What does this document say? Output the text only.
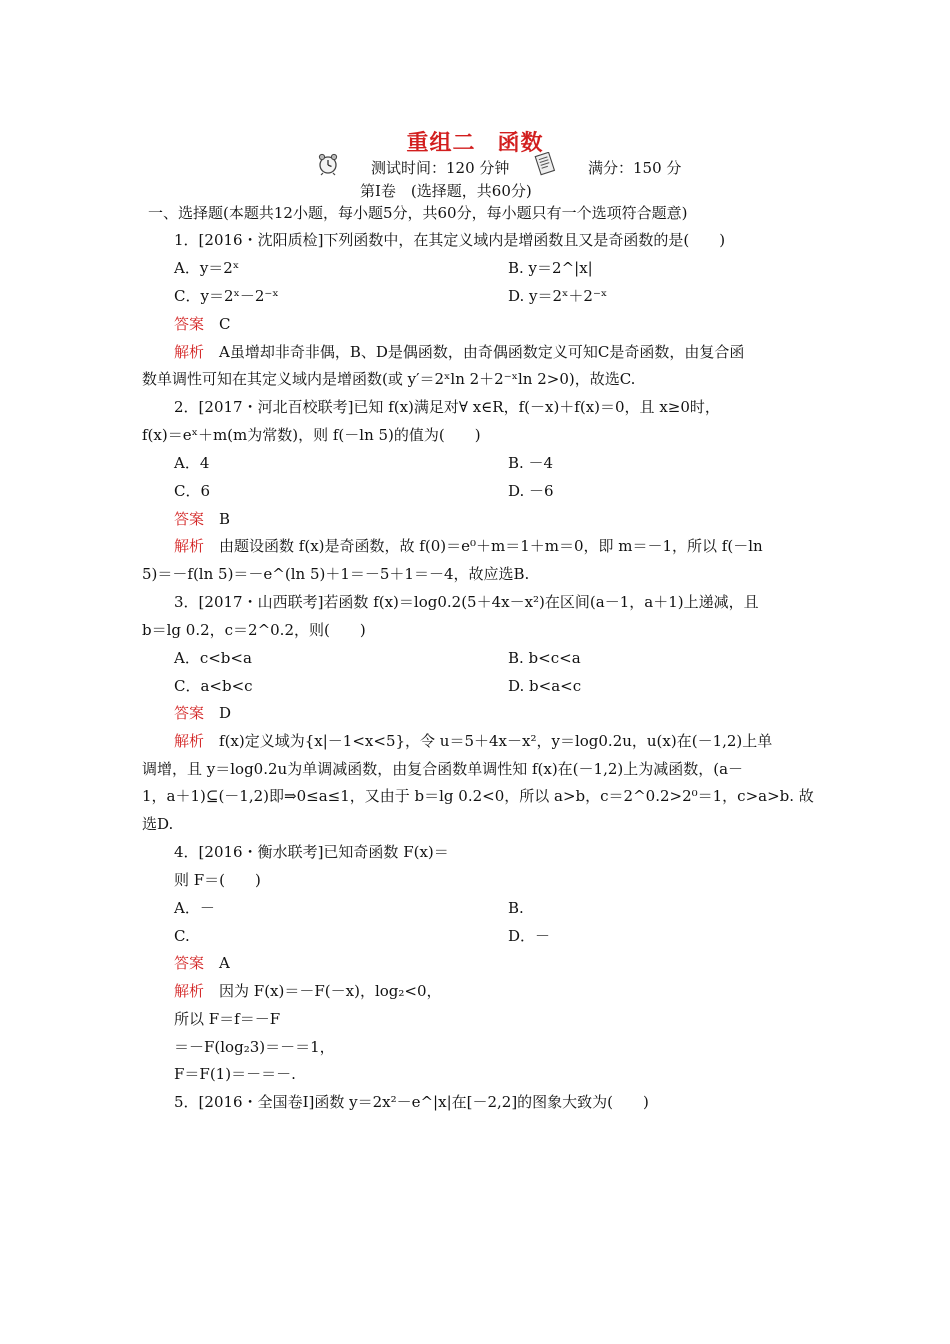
重组二 函数
测试时间：120 分钟	满分：150 分
第Ⅰ卷　(选择题，共60分)
一、选择题(本题共12小题，每小题5分，共60分，每小题只有一个选项符合题意)
1．[2016・沈阳质检]下列函数中，在其定义域内是增函数且又是奇函数的是(　　)
A．y＝2ˣ	B. y＝2^|x|
C．y＝2ˣ－2⁻ˣ	D. y＝2ˣ＋2⁻ˣ
答案　 C
解析　 A虽增却非奇非偶，B、D是偶函数，由奇偶函数定义可知C是奇函数，由复合函
数单调性可知在其定义域内是增函数(或 y′＝2ˣln 2＋2⁻ˣln 2>0)，故选C.
2．[2017・河北百校联考]已知 f(x)满足对∀ x∈R，f(－x)＋f(x)＝0，且 x≥0时，
f(x)＝eˣ＋m(m为常数)，则 f(－ln 5)的值为(　　)
A．4	B. －4
C．6	D. －6
答案　 B
解析　 由题设函数 f(x)是奇函数，故 f(0)＝e⁰＋m＝1＋m＝0，即 m＝－1，所以 f(－ln
5)＝－f(ln 5)＝－e^(ln 5)＋1＝－5＋1＝－4，故应选B.
3．[2017・山西联考]若函数 f(x)＝log0.2(5＋4x－x²)在区间(a－1，a＋1)上递减，且
b＝lg 0.2，c＝2^0.2，则(　　)
A．c<b<a	B. b<c<a
C．a<b<c	D. b<a<c
答案　 D
解析　 f(x)定义域为{x|－1<x<5}，令 u＝5＋4x－x²，y＝log0.2u，u(x)在(－1,2)上单
调增，且 y＝log0.2u为单调减函数，由复合函数单调性知 f(x)在(－1,2)上为减函数，(a－
1，a＋1)⊆(－1,2)即⇒0≤a≤1，又由于 b＝lg 0.2<0，所以 a>b，c＝2^0.2>2⁰＝1，c>a>b. 故
选D.
4．[2016・衡水联考]已知奇函数 F(x)＝
则 F＝(　　)
A．－	B.
C.	D．－
答案　 A
解析　 因为 F(x)＝－F(－x)，log₂<0，
所以 F＝f＝－F
＝－F(log₂3)＝－＝1，
F＝F(1)＝－＝－.
5．[2016・全国卷Ⅰ]函数 y＝2x²－e^|x|在[－2,2]的图象大致为(　　)
